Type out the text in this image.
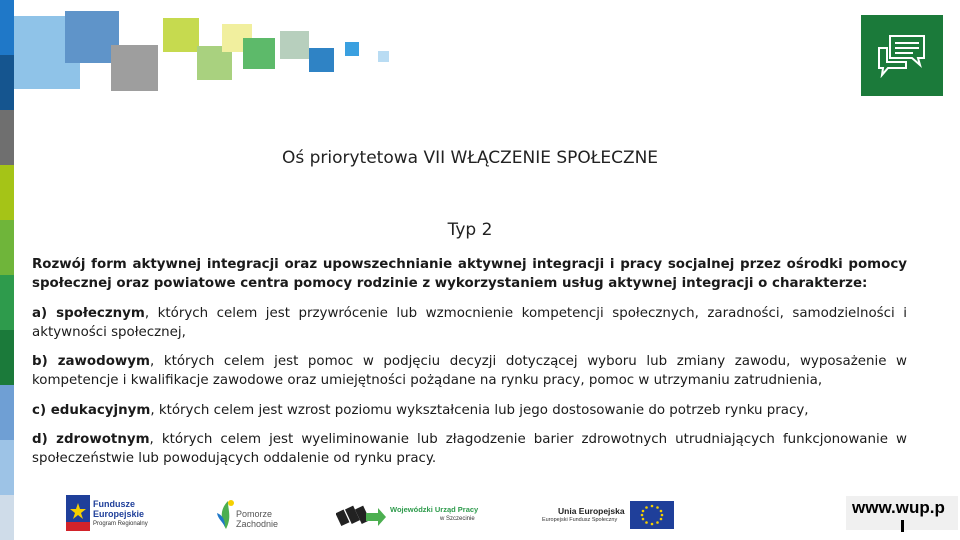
Oś priorytetowa VII WŁĄCZENIE SPOŁECZNE
Typ 2
Rozwój form aktywnej integracji oraz upowszechnianie aktywnej integracji i pracy socjalnej przez ośrodki pomocy społecznej oraz powiatowe centra pomocy rodzinie z wykorzystaniem usług aktywnej integracji o charakterze:
a) społecznym, których celem jest przywrócenie lub wzmocnienie kompetencji społecznych, zaradności, samodzielności i aktywności społecznej,
b) zawodowym, których celem jest pomoc w podjęciu decyzji dotyczącej wyboru lub zmiany zawodu, wyposażenie w kompetencje i kwalifikacje zawodowe oraz umiejętności pożądane na rynku pracy, pomoc w utrzymaniu zatrudnienia,
c) edukacyjnym, których celem jest wzrost poziomu wykształcenia lub jego dostosowanie do potrzeb rynku pracy,
d) zdrowotnym, których celem jest wyeliminowanie lub złagodzenie barier zdrowotnych utrudniających funkcjonowanie w społeczeństwie lub powodujących oddalenie od rynku pracy.
Fundusze
Europejskie
Program Regionalny
Pomorze
Zachodnie
Wojewódzki Urząd Pracy
w Szczecinie
Unia Europejska
Europejski Fundusz Społeczny
www.wup.p
